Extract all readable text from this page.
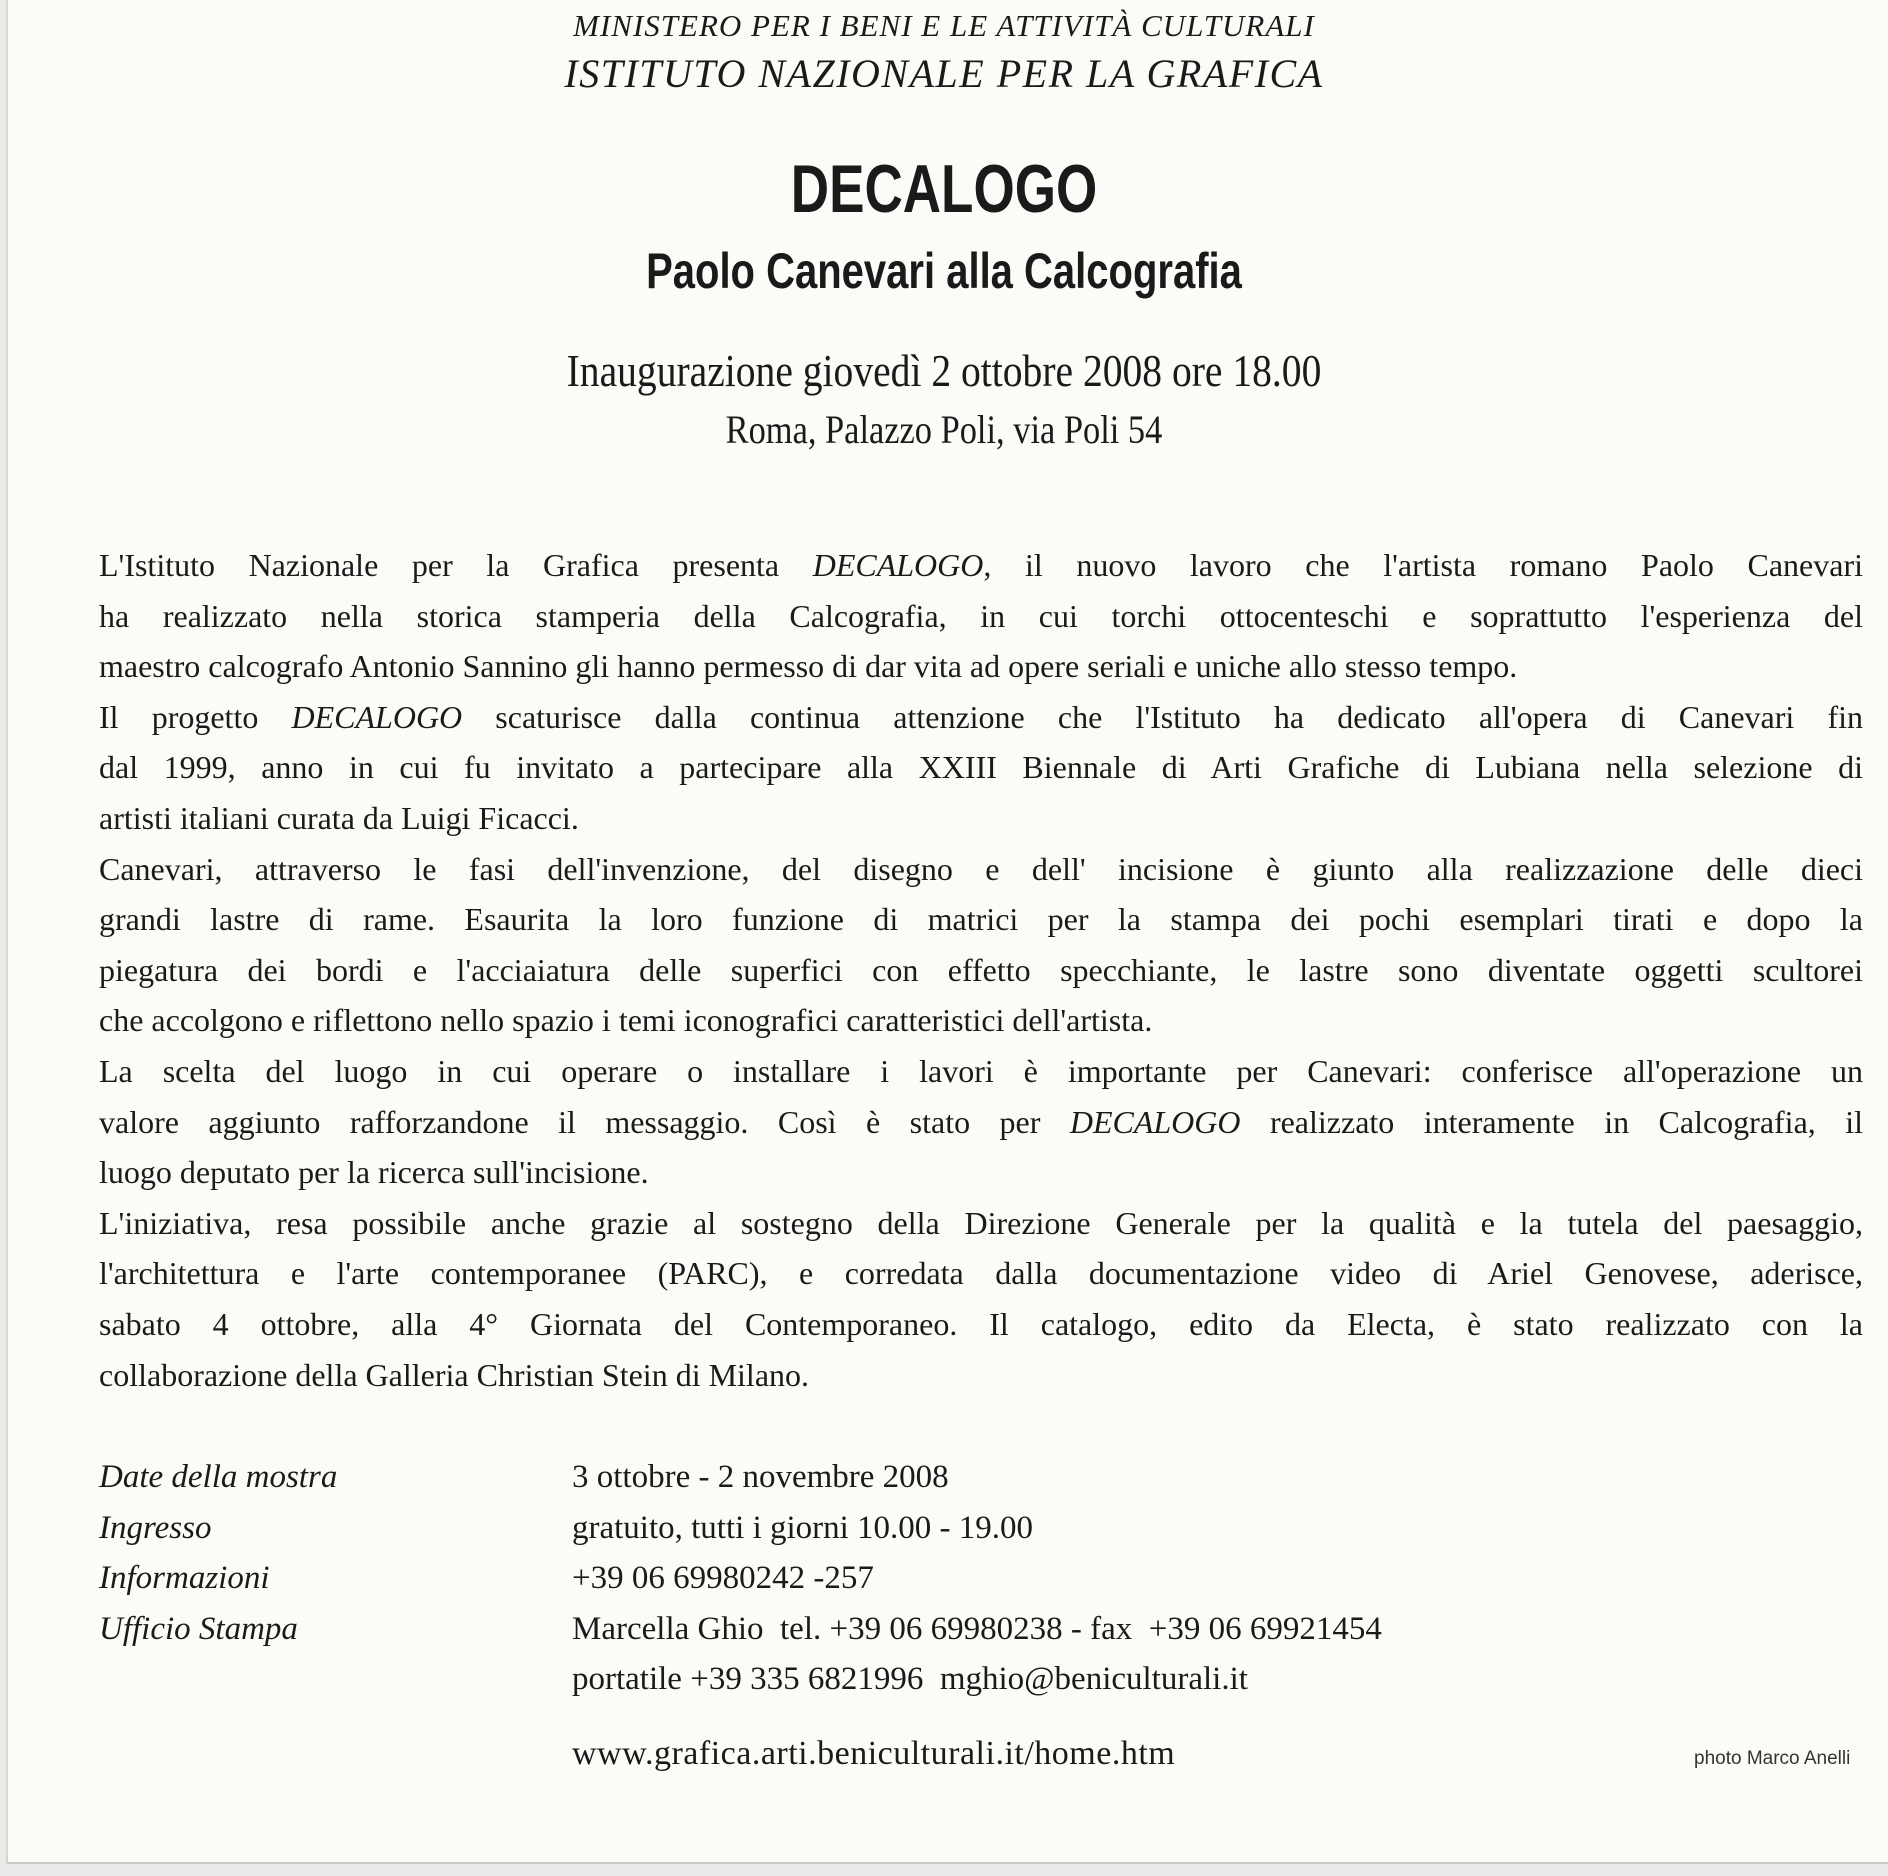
MINISTERO PER I BENI E LE ATTIVITÀ CULTURALI
ISTITUTO NAZIONALE PER LA GRAFICA
DECALOGO
Paolo Canevari alla Calcografia
Inaugurazione giovedì 2 ottobre 2008 ore 18.00
Roma, Palazzo Poli, via Poli 54
L'Istituto Nazionale per la Grafica presenta DECALOGO, il nuovo lavoro che l'artista romano Paolo Canevari
ha realizzato nella storica stamperia della Calcografia, in cui torchi ottocenteschi e soprattutto l'esperienza del
maestro calcografo Antonio Sannino gli hanno permesso di dar vita ad opere seriali e uniche allo stesso tempo.
Il progetto DECALOGO scaturisce dalla continua attenzione che l'Istituto ha dedicato all'opera di Canevari fin
dal 1999, anno in cui fu invitato a partecipare alla XXIII Biennale di Arti Grafiche di Lubiana nella selezione di
artisti italiani curata da Luigi Ficacci.
Canevari, attraverso le fasi dell'invenzione, del disegno e dell' incisione è giunto alla realizzazione delle dieci
grandi lastre di rame. Esaurita la loro funzione di matrici per la stampa dei pochi esemplari tirati e dopo la
piegatura dei bordi e l'acciaiatura delle superfici con effetto specchiante, le lastre sono diventate oggetti scultorei
che accolgono e riflettono nello spazio i temi iconografici caratteristici dell'artista.
La scelta del luogo in cui operare o installare i lavori è importante per Canevari: conferisce all'operazione un
valore aggiunto rafforzandone il messaggio. Così è stato per DECALOGO realizzato interamente in Calcografia, il
luogo deputato per la ricerca sull'incisione.
L'iniziativa, resa possibile anche grazie al sostegno della Direzione Generale per la qualità e la tutela del paesaggio,
l'architettura e l'arte contemporanee (PARC), e corredata dalla documentazione video di Ariel Genovese, aderisce,
sabato 4 ottobre, alla 4° Giornata del Contemporaneo. Il catalogo, edito da Electa, è stato realizzato con la
collaborazione della Galleria Christian Stein di Milano.
Date della mostra	3 ottobre - 2 novembre 2008
Ingresso	gratuito, tutti i giorni 10.00 - 19.00
Informazioni	+39 06 69980242 -257
Ufficio Stampa	Marcella Ghio  tel. +39 06 69980238 - fax  +39 06 69921454
portatile +39 335 6821996  mghio@beniculturali.it
www.grafica.arti.beniculturali.it/home.htm	photo Marco Anelli
